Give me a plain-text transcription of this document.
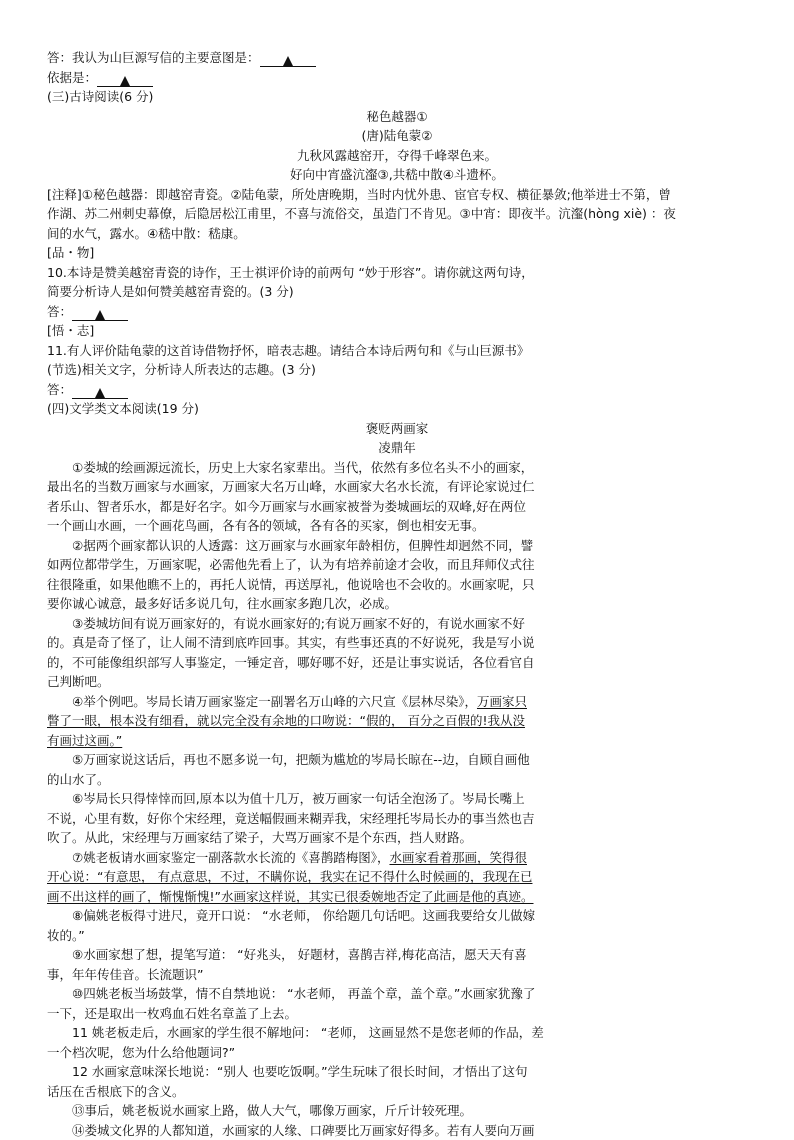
答：我认为山巨源写信的主要意图是：
依据是：
(三)古诗阅读(6 分)
秘色越器①
(唐)陆龟蒙②
九秋风露越窑开，夺得千峰翠色来。
好向中宵盛沆瀣③,共嵇中散④斗遗杯。
[注释]①秘色越器：即越窑青瓷。②陆龟蒙，所处唐晚期，当时内忧外患、宦官专权、横征暴敛;他举进士不第，曾
作湖、苏二州刺史幕僚，后隐居松江甫里，不喜与流俗交，虽造门不肯见。③中宵：即夜半。沆瀣(hòng xiè) ：夜
间的水气，露水。④嵇中散：嵇康。
[品・物]
10.本诗是赞美越窑青瓷的诗作，王士祺评价诗的前两句 “妙于形容”。请你就这两句诗，
简要分析诗人是如何赞美越窑青瓷的。(3 分)
答：
[悟・志]
11.有人评价陆龟蒙的这首诗借物抒怀，暗表志趣。请结合本诗后两句和《与山巨源书》
(节选)相关文字，分析诗人所表达的志趣。(3 分)
答：
(四)文学类文本阅读(19 分)
褒贬两画家
凌鼎年
①娄城的绘画源远流长，历史上大家名家辈出。当代，依然有多位名头不小的画家，
最出名的当数万画家与水画家，万画家大名万山峰，水画家大名水长流，有评论家说过仁
者乐山、智者乐水，都是好名字。如今万画家与水画家被誉为娄城画坛的双峰,好在两位
一个画山水画，一个画花鸟画，各有各的领域，各有各的买家，倒也相安无事。
②据两个画家都认识的人透露：这万画家与水画家年龄相仿，但脾性却迥然不同，譬
如两位都带学生，万画家呢，必需他先看上了，认为有培养前途才会收，而且拜师仪式往
往很隆重，如果他瞧不上的，再托人说情，再送厚礼，他说啥也不会收的。水画家呢，只
要你诚心诚意，最多好话多说几句，往水画家多跑几次，必成。
③娄城坊间有说万画家好的，有说水画家好的;有说万画家不好的，有说水画家不好
的。真是奇了怪了，让人闹不清到底咋回事。其实，有些事还真的不好说死，我是写小说
的，不可能像组织部写人事鉴定，一锤定音，哪好哪不好，还是让事实说话，各位看官自
己判断吧。
④举个例吧。岑局长请万画家鉴定一副署名万山峰的六尺宣《层林尽染》，万画家只
瞥了一眼，根本没有细看，就以完全没有余地的口吻说：“假的， 百分之百假的!我从没
有画过这画。”
⑤万画家说这话后，再也不愿多说一句，把颇为尴尬的岑局长晾在--边，自顾自画他
的山水了。
⑥岑局长只得悻悻而回,原本以为值十几万，被万画家一句话全泡汤了。岑局长嘴上
不说，心里有数，好你个宋经理，竟送幅假画来糊弄我，宋经理托岑局长办的事当然也吉
吹了。从此，宋经理与万画家结了梁子，大骂万画家不是个东西，挡人财路。
⑦姚老板请水画家鉴定一副落款水长流的《喜鹊踏梅图》，水画家看着那画，笑得很
开心说：“有意思， 有点意思，不过，不瞒你说，我实在记不得什么时候画的，我现在已
画不出这样的画了，惭愧惭愧!”水画家这样说，其实已很委婉地否定了此画是他的真迹。
⑧偏姚老板得寸进尺，竟开口说： “水老师， 你给题几句话吧。这画我要给女儿做嫁
妆的。”
⑨水画家想了想，提笔写道： “好兆头， 好题材，喜鹊吉祥,梅花高洁，愿天天有喜
事，年年传佳音。长流题识”
⑩四姚老板当场鼓掌，情不自禁地说： “水老师， 再盖个章，盖个章。”水画家犹豫了
一下，还是取出一枚鸡血石姓名章盖了上去。
11 姚老板走后，水画家的学生很不解地问： “老师， 这画显然不是您老师的作品，差
一个档次呢，您为什么给他题词?”
12 水画家意味深长地说：“别人 也要吃饭啊。”学生玩味了很长时间，才悟出了这句
话压在舌根底下的含义。
⑬事后，姚老板说水画家上路，做人大气，哪像万画家，斤斤计较死理。
⑭娄城文化界的人都知道，水画家的人缘、口碑要比万画家好得多。若有人要向万画
